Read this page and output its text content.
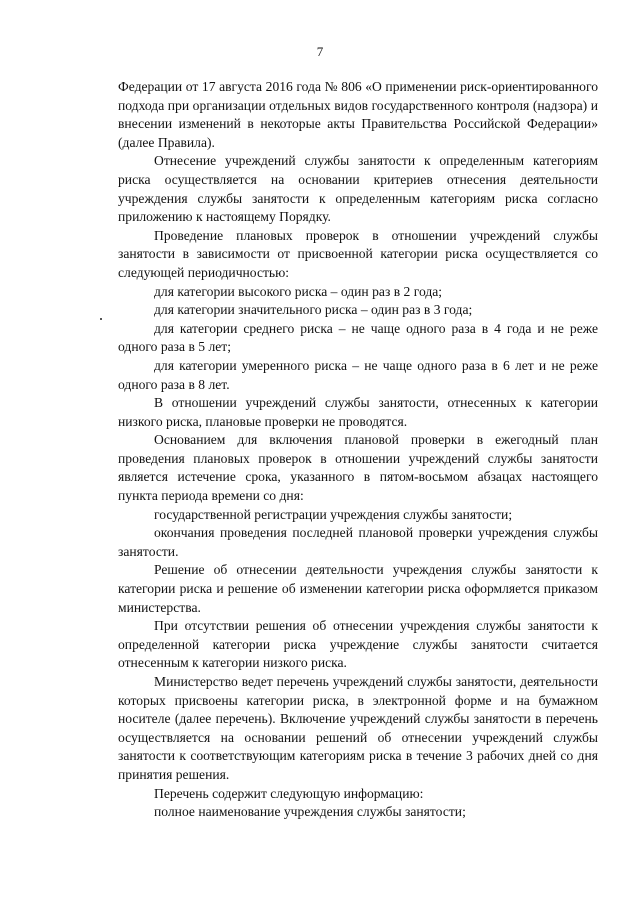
7

Федерации от 17 августа 2016 года № 806 «О применении риск-ориентированного подхода при организации отдельных видов государственного контроля (надзора) и внесении изменений в некоторые акты Правительства Российской Федерации» (далее Правила).

Отнесение учреждений службы занятости к определенным категориям риска осуществляется на основании критериев отнесения деятельности учреждения службы занятости к определенным категориям риска согласно приложению к настоящему Порядку.

Проведение плановых проверок в отношении учреждений службы занятости в зависимости от присвоенной категории риска осуществляется со следующей периодичностью:

для категории высокого риска – один раз в 2 года;

для категории значительного риска – один раз в 3 года;

для категории среднего риска – не чаще одного раза в 4 года и не реже одного раза в 5 лет;

для категории умеренного риска – не чаще одного раза в 6 лет и не реже одного раза в 8 лет.

В отношении учреждений службы занятости, отнесенных к категории низкого риска, плановые проверки не проводятся.

Основанием для включения плановой проверки в ежегодный план проведения плановых проверок в отношении учреждений службы занятости является истечение срока, указанного в пятом-восьмом абзацах настоящего пункта периода времени со дня:

государственной регистрации учреждения службы занятости;

окончания проведения последней плановой проверки учреждения службы занятости.

Решение об отнесении деятельности учреждения службы занятости к категории риска и решение об изменении категории риска оформляется приказом министерства.

При отсутствии решения об отнесении учреждения службы занятости к определенной категории риска учреждение службы занятости считается отнесенным к категории низкого риска.

Министерство ведет перечень учреждений службы занятости, деятельности которых присвоены категории риска, в электронной форме и на бумажном носителе (далее перечень). Включение учреждений службы занятости в перечень осуществляется на основании решений об отнесении учреждений службы занятости к соответствующим категориям риска в течение 3 рабочих дней со дня принятия решения.

Перечень содержит следующую информацию:

полное наименование учреждения службы занятости;
